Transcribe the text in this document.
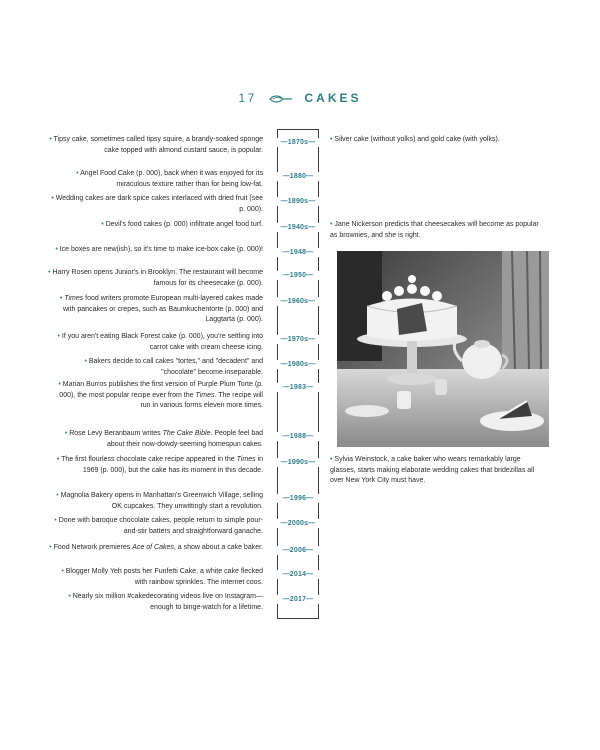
17	CAKES
—1870s—
• Tipsy cake, sometimes called tipsy squire, a brandy-soaked sponge cake topped with almond custard sauce, is popular.
• Silver cake (without yolks) and gold cake (with yolks).
—1880—
• Angel Food Cake (p. 000), back when it was enjoyed for its miraculous texture rather than for being low-fat.
—1890s—
• Wedding cakes are dark spice cakes interlaced with dried fruit (see p. 000).
—1940s—
• Devil's food cakes (p. 000) infiltrate angel food turf.	• Jane Nickerson predicts that cheesecakes will become as popular as brownies, and she is right.
—1948—
• Ice boxes are new(ish), so it's time to make ice-box cake (p. 000)!
—1950—
• Harry Rosen opens Junior's in Brooklyn. The restaurant will become famous for its cheesecake (p. 000).
—1960s—
• Times food writers promote European multi-layered cakes made with pancakes or crepes, such as Baumkuchentorte (p. 000) and Laggtarta (p. 000).
—1970s—
• If you aren't eating Black Forest cake (p. 000), you're settling into carrot cake with cream cheese icing.
—1980s—
• Bakers decide to call cakes "tortes," and "decadent" and "chocolate" become inseparable.
—1983—
• Marian Burros publishes the first version of Purple Plum Torte (p. 000), the most popular recipe ever from the Times. The recipe will run in various forms eleven more times.
—1988—
• Rose Levy Beranbaum writes The Cake Bible. People feel bad about their now-dowdy-seeming homespun cakes.
—1990s—
• The first flourless chocolate cake recipe appeared in the Times in 1969 (p. 000), but the cake has its moment in this decade.
• Sylvia Weinstock, a cake baker who wears remarkably large glasses, starts making elaborate wedding cakes that bridezillas all over New York City must have.
—1996—
• Magnolia Bakery opens in Manhattan's Greenwich Village, selling OK cupcakes. They unwittingly start a revolution.
—2000s—
• Done with baroque chocolate cakes, people return to simple pour-and-stir batters and straightforward ganache.
—2006—
• Food Network premieres Ace of Cakes, a show about a cake baker.
—2014—
• Blogger Molly Yeh posts her Funfetti Cake, a white cake flecked with rainbow sprinkles. The internet coos.
—2017—
• Nearly six million #cakedecorating videos live on Instagram—enough to binge-watch for a lifetime.
